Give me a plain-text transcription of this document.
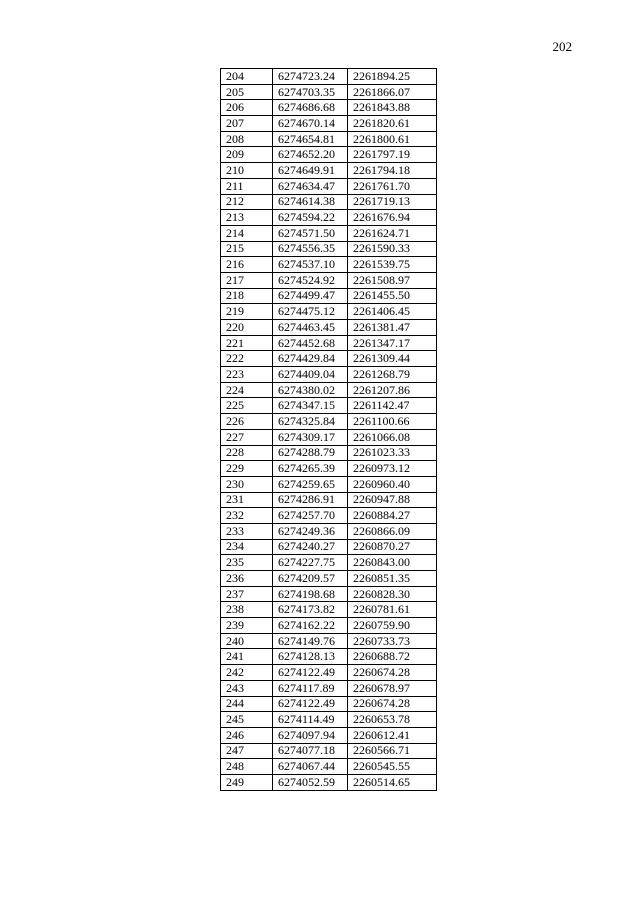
202
204	6274723.24	2261894.25
205	6274703.35	2261866.07
206	6274686.68	2261843.88
207	6274670.14	2261820.61
208	6274654.81	2261800.61
209	6274652.20	2261797.19
210	6274649.91	2261794.18
211	6274634.47	2261761.70
212	6274614.38	2261719.13
213	6274594.22	2261676.94
214	6274571.50	2261624.71
215	6274556.35	2261590.33
216	6274537.10	2261539.75
217	6274524.92	2261508.97
218	6274499.47	2261455.50
219	6274475.12	2261406.45
220	6274463.45	2261381.47
221	6274452.68	2261347.17
222	6274429.84	2261309.44
223	6274409.04	2261268.79
224	6274380.02	2261207.86
225	6274347.15	2261142.47
226	6274325.84	2261100.66
227	6274309.17	2261066.08
228	6274288.79	2261023.33
229	6274265.39	2260973.12
230	6274259.65	2260960.40
231	6274286.91	2260947.88
232	6274257.70	2260884.27
233	6274249.36	2260866.09
234	6274240.27	2260870.27
235	6274227.75	2260843.00
236	6274209.57	2260851.35
237	6274198.68	2260828.30
238	6274173.82	2260781.61
239	6274162.22	2260759.90
240	6274149.76	2260733.73
241	6274128.13	2260688.72
242	6274122.49	2260674.28
243	6274117.89	2260678.97
244	6274122.49	2260674.28
245	6274114.49	2260653.78
246	6274097.94	2260612.41
247	6274077.18	2260566.71
248	6274067.44	2260545.55
249	6274052.59	2260514.65
